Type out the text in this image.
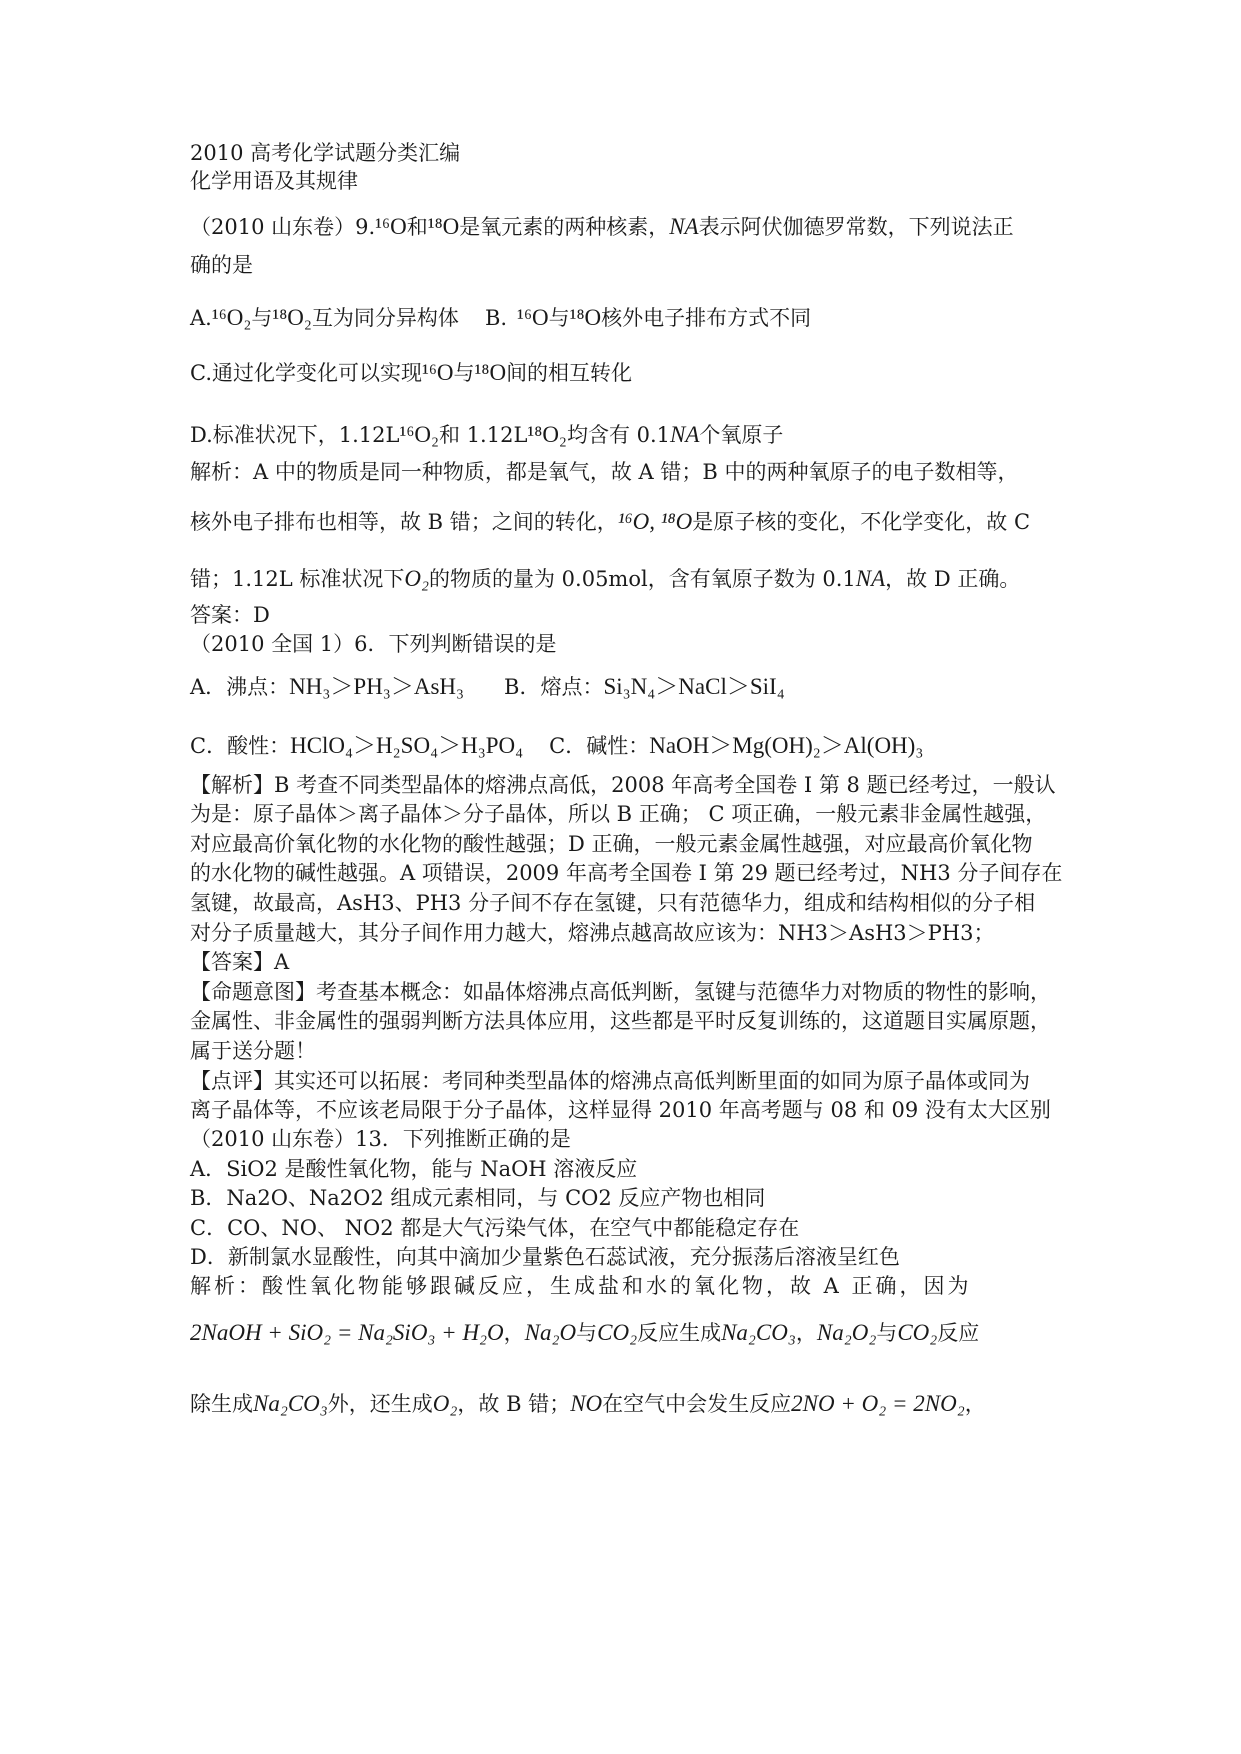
2010 高考化学试题分类汇编
化学用语及其规律
（2010 山东卷）9.¹⁶O和¹⁸O是氧元素的两种核素，NA表示阿伏伽德罗常数，下列说法正
确的是
A.¹⁶O₂与¹⁸O₂互为同分异构体 B. ¹⁶O与¹⁸O核外电子排布方式不同
C.通过化学变化可以实现¹⁶O与¹⁸O间的相互转化
D.标准状况下，1.12L¹⁶O₂和 1.12L¹⁸O₂均含有 0.1NA个氧原子
解析：A 中的物质是同一种物质，都是氧气，故 A 错；B 中的两种氧原子的电子数相等，
核外电子排布也相等，故 B 错；之间的转化，¹⁶O, ¹⁸O是原子核的变化，不化学变化，故 C
错；1.12L 标准状况下O₂的物质的量为 0.05mol，含有氧原子数为 0.1NA，故 D 正确。
答案：D
（2010 全国 1）6．下列判断错误的是
A．沸点：NH₃＞PH₃＞AsH₃ B．熔点：Si₃N₄＞NaCl＞SiI₄
C．酸性：HClO₄＞H₂SO₄＞H₃PO₄ C．碱性：NaOH＞Mg(OH)₂＞Al(OH)₃
【解析】B 考查不同类型晶体的熔沸点高低，2008 年高考全国卷 I 第 8 题已经考过，一般认
为是：原子晶体＞离子晶体＞分子晶体，所以 B 正确； C 项正确，一般元素非金属性越强，
对应最高价氧化物的水化物的酸性越强；D 正确，一般元素金属性越强，对应最高价氧化物
的水化物的碱性越强。A 项错误，2009 年高考全国卷 I 第 29 题已经考过，NH3 分子间存在
氢键，故最高，AsH3、PH3 分子间不存在氢键，只有范德华力，组成和结构相似的分子相
对分子质量越大，其分子间作用力越大，熔沸点越高故应该为：NH3＞AsH3＞PH3；
【答案】A
【命题意图】考查基本概念：如晶体熔沸点高低判断，氢键与范德华力对物质的物性的影响，
金属性、非金属性的强弱判断方法具体应用，这些都是平时反复训练的，这道题目实属原题，
属于送分题！
【点评】其实还可以拓展：考同种类型晶体的熔沸点高低判断里面的如同为原子晶体或同为
离子晶体等，不应该老局限于分子晶体，这样显得 2010 年高考题与 08 和 09 没有太大区别
（2010 山东卷）13．下列推断正确的是
A．SiO2 是酸性氧化物，能与 NaOH 溶液反应
B．Na2O、Na2O2 组成元素相同，与 CO2 反应产物也相同
C．CO、NO、 NO2 都是大气污染气体，在空气中都能稳定存在
D．新制氯水显酸性，向其中滴加少量紫色石蕊试液，充分振荡后溶液呈红色
解析：酸性氧化物能够跟碱反应，生成盐和水的氧化物，故 A 正确，因为
2NaOH + SiO₂ = Na₂SiO₃ + H₂O，Na₂O与CO₂反应生成Na₂CO₃，Na₂O₂与CO₂反应
除生成Na₂CO₃外，还生成O₂，故 B 错；NO在空气中会发生反应2NO + O₂ = 2NO₂，
